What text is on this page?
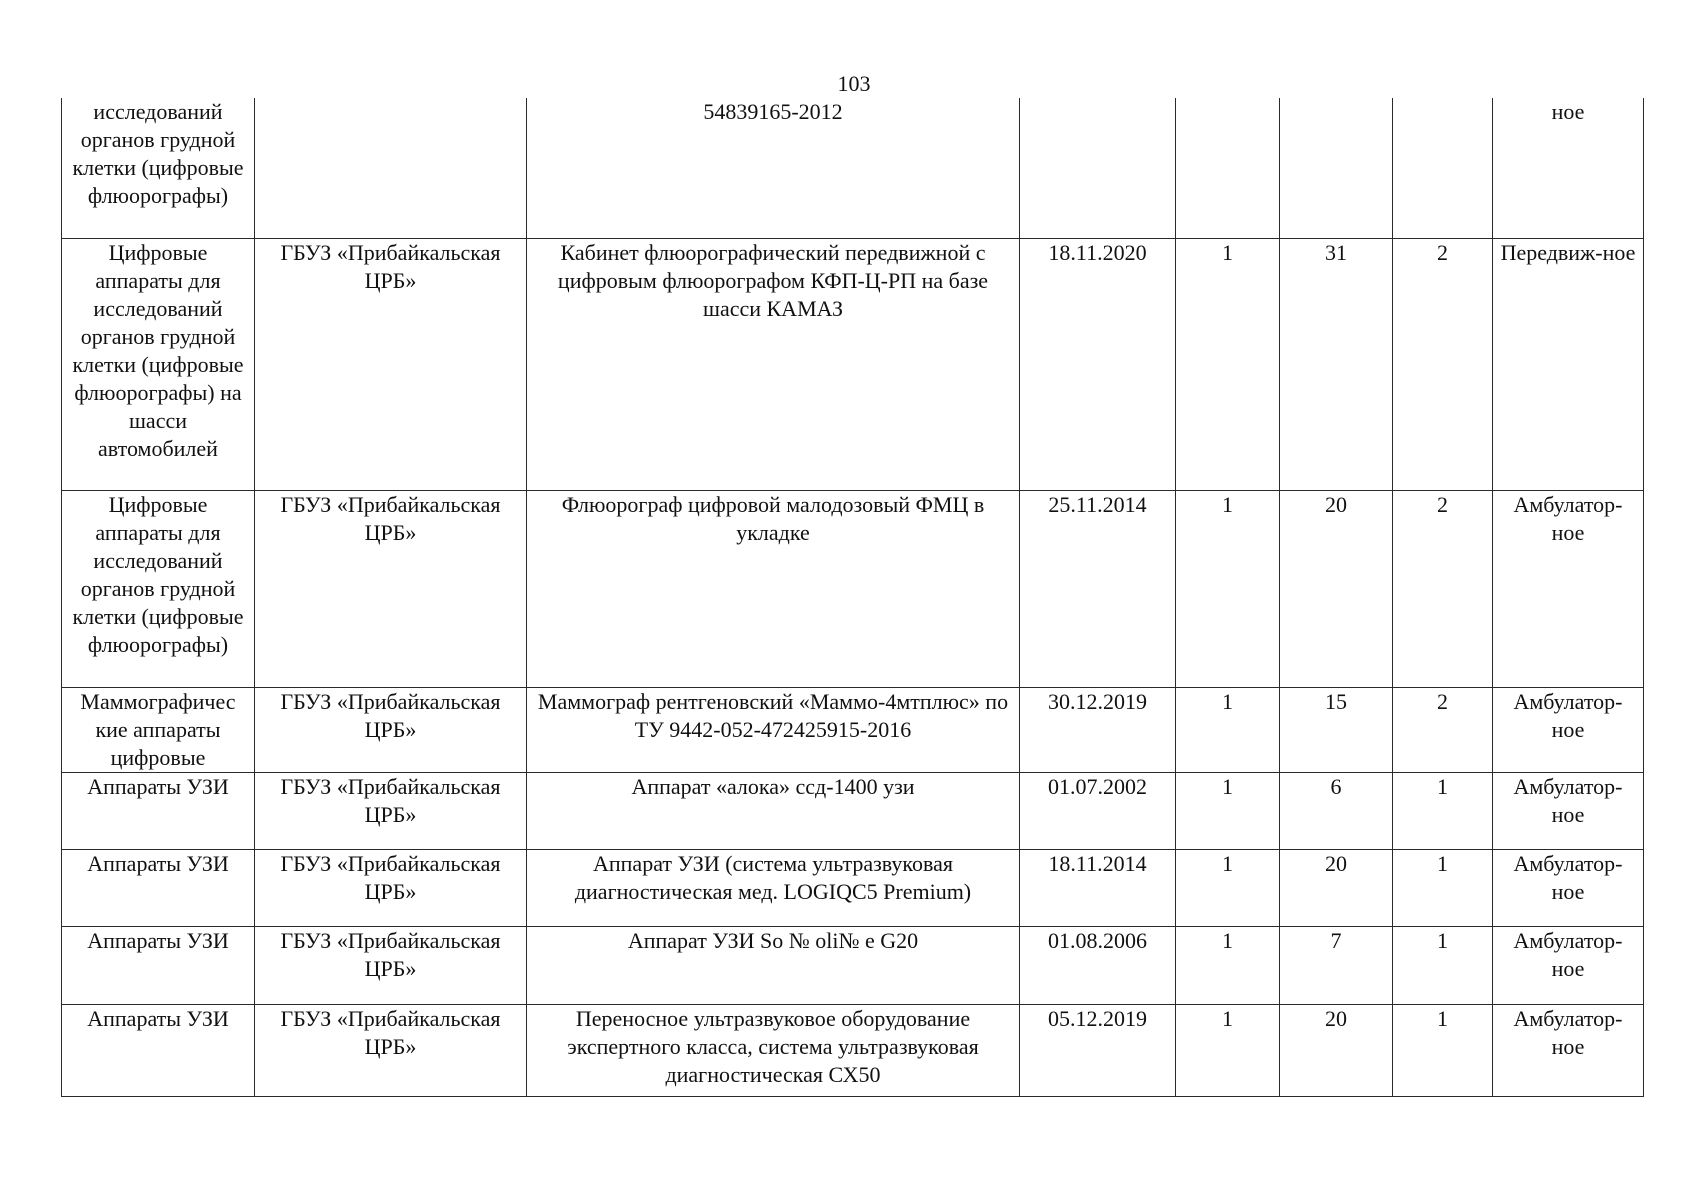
103
исследований органов грудной клетки (цифровые флюорографы)		54839165-2012					ное
Цифровые аппараты для исследований органов грудной клетки (цифровые флюорографы) на шасси автомобилей	ГБУЗ «Прибайкальская ЦРБ»	Кабинет флюорографический передвижной с цифровым флюорографом КФП-Ц-РП на базе шасси КАМАЗ	18.11.2020	1	31	2	Передвиж-ное
Цифровые аппараты для исследований органов грудной клетки (цифровые флюорографы)	ГБУЗ «Прибайкальская ЦРБ»	Флюорограф цифровой малодозовый ФМЦ в укладке	25.11.2014	1	20	2	Амбулатор-ное
Маммографичес кие аппараты цифровые	ГБУЗ «Прибайкальская ЦРБ»	Маммограф рентгеновский «Маммо-4мтплюс» по ТУ 9442-052-472425915-2016	30.12.2019	1	15	2	Амбулатор-ное
Аппараты УЗИ	ГБУЗ «Прибайкальская ЦРБ»	Аппарат «алока» ссд-1400 узи	01.07.2002	1	6	1	Амбулатор-ное
Аппараты УЗИ	ГБУЗ «Прибайкальская ЦРБ»	Аппарат УЗИ (система ультразвуковая диагностическая мед. LOGIQC5 Premium)	18.11.2014	1	20	1	Амбулатор-ное
Аппараты УЗИ	ГБУЗ «Прибайкальская ЦРБ»	Аппарат УЗИ So № oli№ e G20	01.08.2006	1	7	1	Амбулатор-ное
Аппараты УЗИ	ГБУЗ «Прибайкальская ЦРБ»	Переносное ультразвуковое оборудование экспертного класса, система ультразвуковая диагностическая СХ50	05.12.2019	1	20	1	Амбулатор-ное
